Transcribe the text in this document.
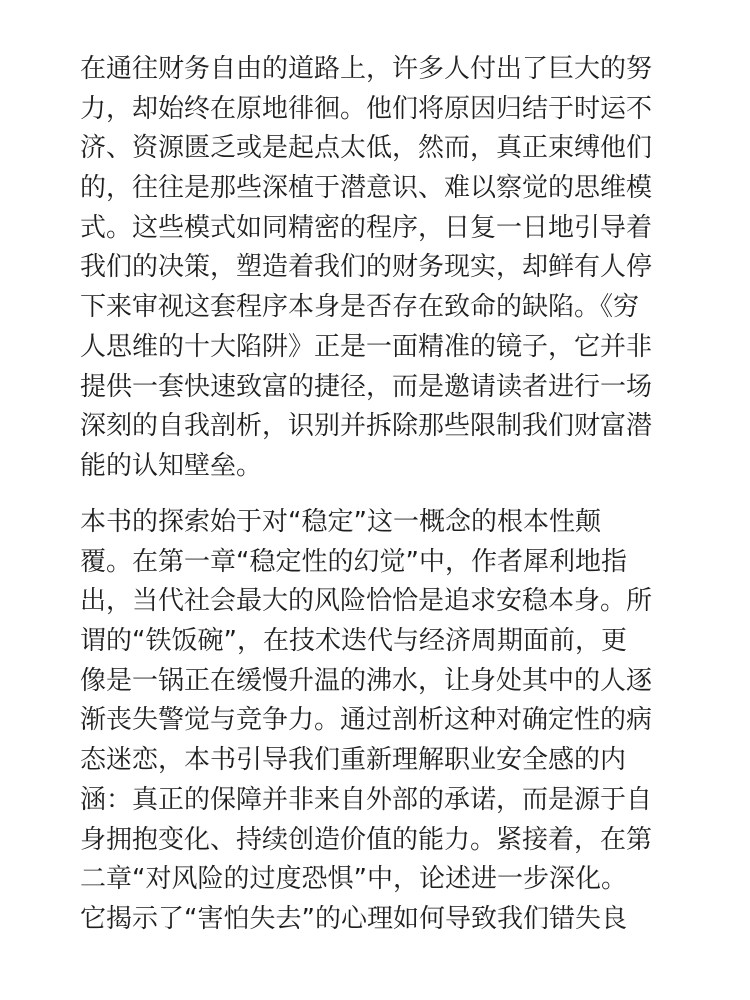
在通往财务自由的道路上，许多人付出了巨大的努
力，却始终在原地徘徊。他们将原因归结于时运不
济、资源匮乏或是起点太低，然而，真正束缚他们
的，往往是那些深植于潜意识、难以察觉的思维模
式。这些模式如同精密的程序，日复一日地引导着
我们的决策，塑造着我们的财务现实，却鲜有人停
下来审视这套程序本身是否存在致命的缺陷。《穷
人思维的十大陷阱》正是一面精准的镜子，它并非
提供一套快速致富的捷径，而是邀请读者进行一场
深刻的自我剖析，识别并拆除那些限制我们财富潜
能的认知壁垒。
本书的探索始于对“稳定”这一概念的根本性颠
覆。在第一章“稳定性的幻觉”中，作者犀利地指
出，当代社会最大的风险恰恰是追求安稳本身。所
谓的“铁饭碗”，在技术迭代与经济周期面前，更
像是一锅正在缓慢升温的沸水，让身处其中的人逐
渐丧失警觉与竞争力。通过剖析这种对确定性的病
态迷恋，本书引导我们重新理解职业安全感的内
涵：真正的保障并非来自外部的承诺，而是源于自
身拥抱变化、持续创造价值的能力。紧接着，在第
二章“对风险的过度恐惧”中，论述进一步深化。
它揭示了“害怕失去”的心理如何导致我们错失良
